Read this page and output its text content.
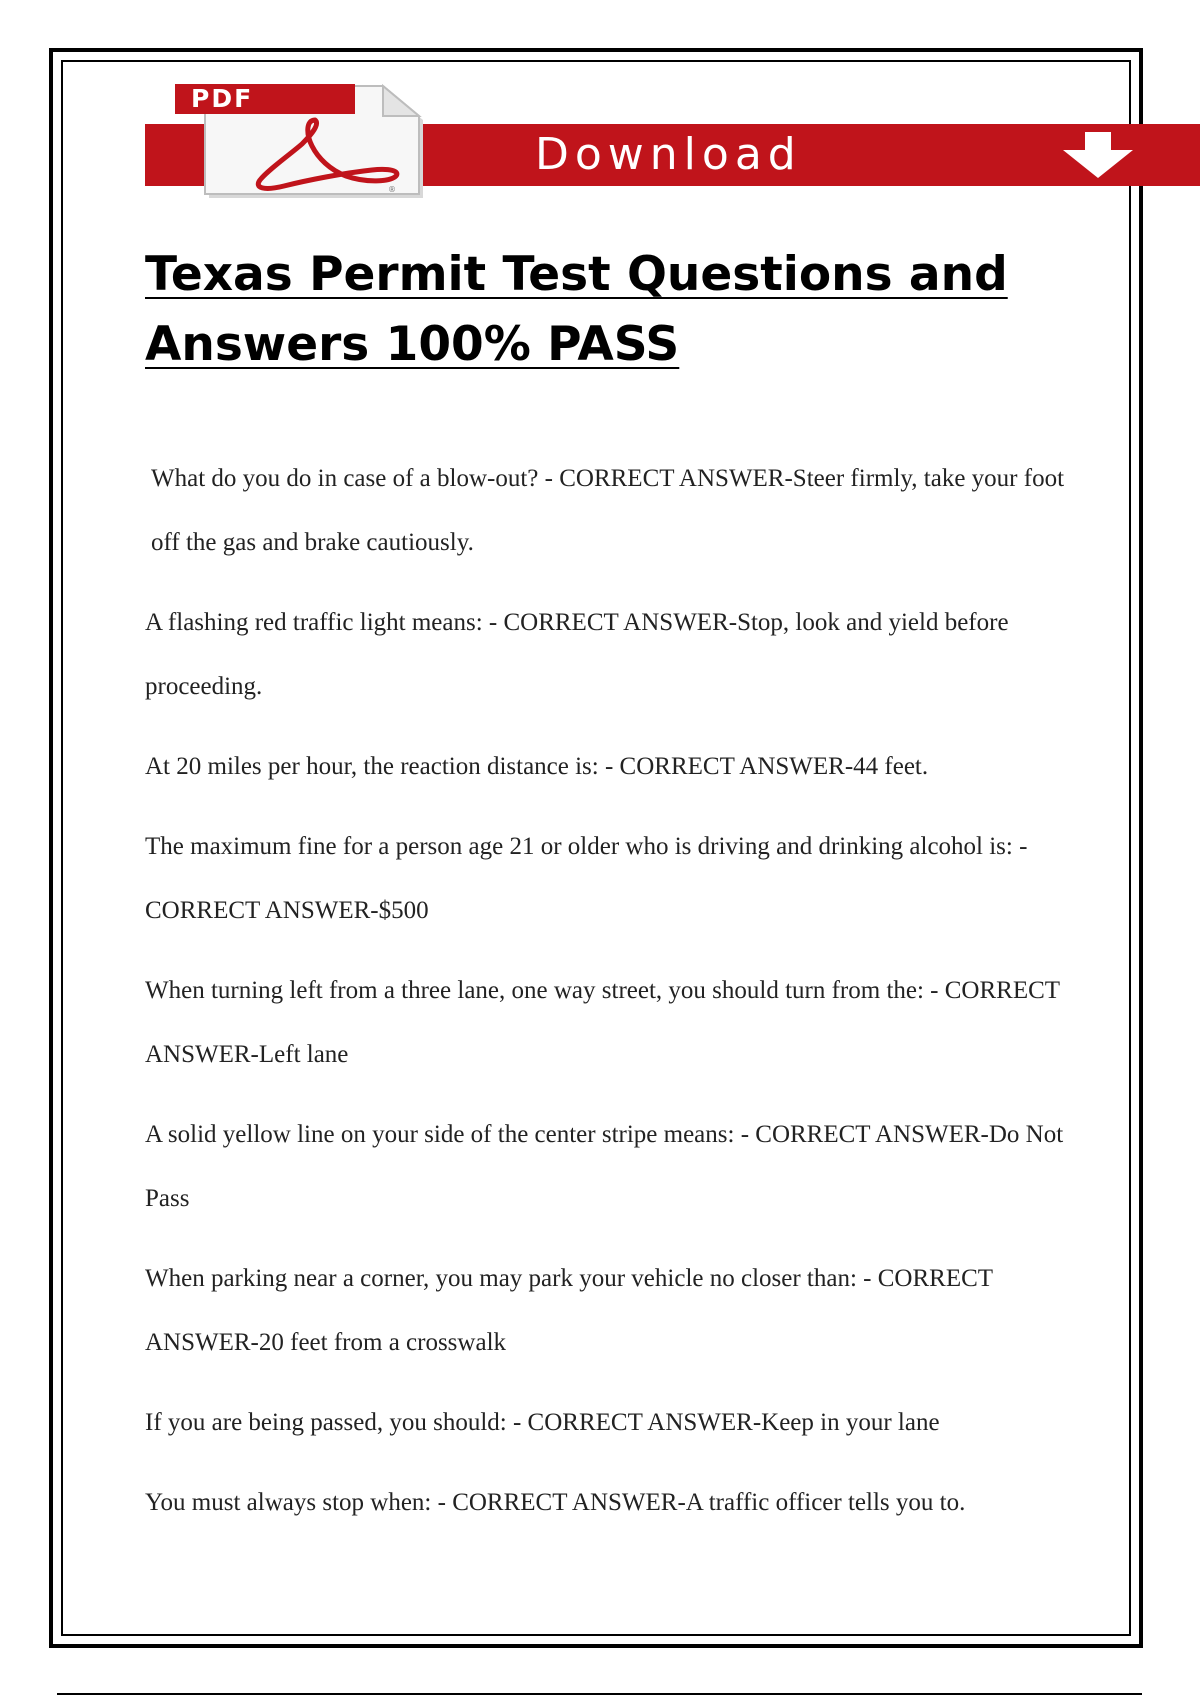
Download
PDF
®
Texas Permit Test Questions and Answers 100% PASS

What do you do in case of a blow-out? - CORRECT ANSWER-Steer firmly, take your foot off the gas and brake cautiously.

A flashing red traffic light means: - CORRECT ANSWER-Stop, look and yield before proceeding.

At 20 miles per hour, the reaction distance is: - CORRECT ANSWER-44 feet.

The maximum fine for a person age 21 or older who is driving and drinking alcohol is: - CORRECT ANSWER-$500

When turning left from a three lane, one way street, you should turn from the: - CORRECT ANSWER-Left lane

A solid yellow line on your side of the center stripe means: - CORRECT ANSWER-Do Not Pass

When parking near a corner, you may park your vehicle no closer than: - CORRECT ANSWER-20 feet from a crosswalk

If you are being passed, you should: - CORRECT ANSWER-Keep in your lane

You must always stop when: - CORRECT ANSWER-A traffic officer tells you to.
